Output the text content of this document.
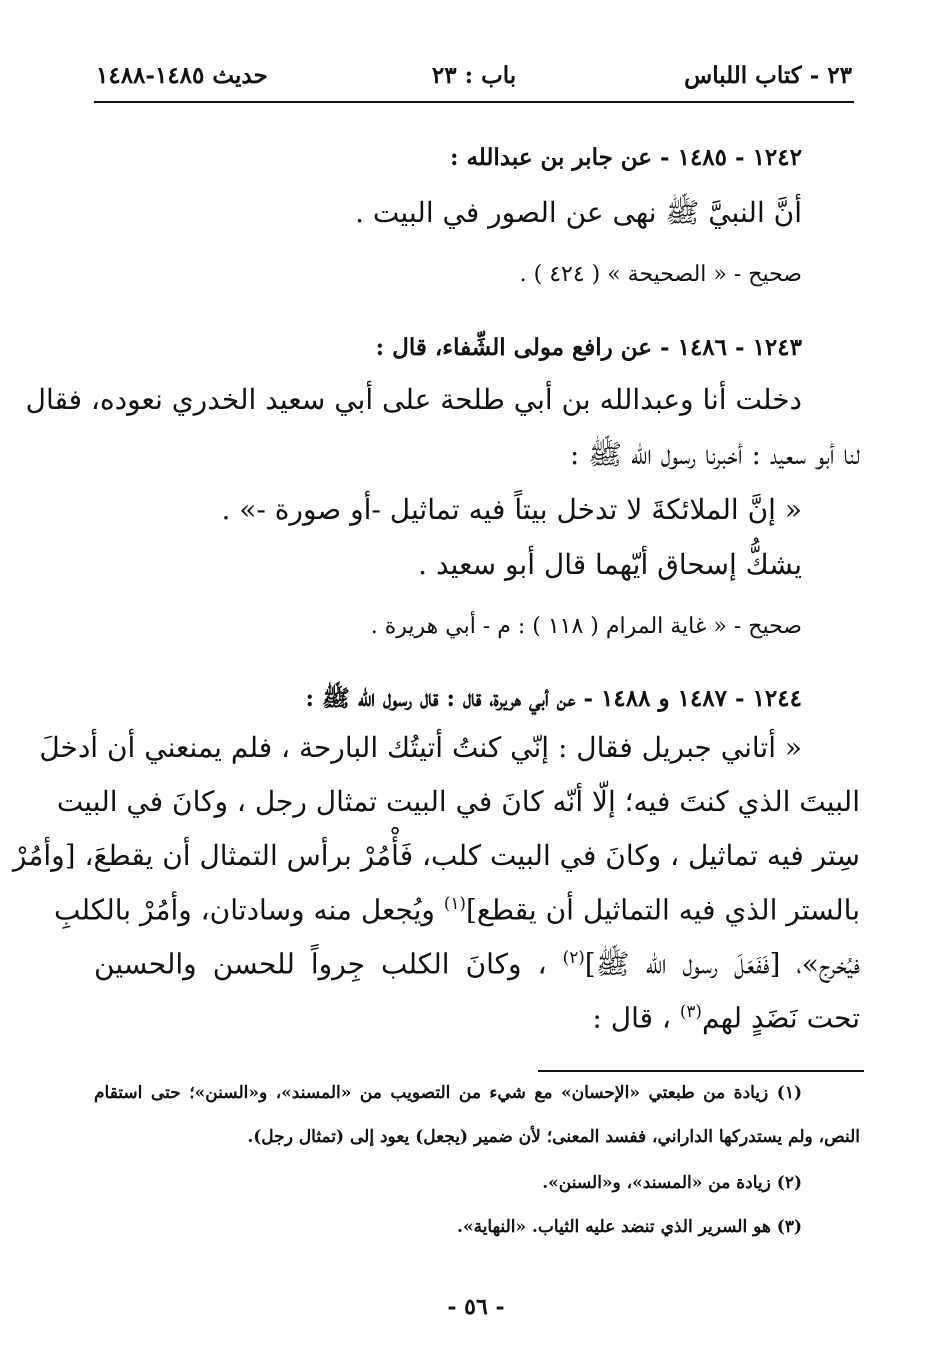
٢٣ - كتاب اللباس
باب : ٢٣
حديث ١٤٨٥-١٤٨٨
١٢٤٢ - ١٤٨٥ - عن جابر بن عبدالله :
أنَّ النبيَّ ﷺ نهى عن الصور في البيت .
صحيح - « الصحيحة » ( ٤٢٤ ) .
١٢٤٣ - ١٤٨٦ - عن رافع مولى الشِّفاء، قال :
دخلت أنا وعبدالله بن أبي طلحة على أبي سعيد الخدري نعوده، فقال
لنا أبو سعيد : أخبرنا رسول الله ﷺ :
« إنَّ الملائكةَ لا تدخل بيتاً فيه تماثيل -أو صورة -» .
يشكُّ إسحاق أيّهما قال أبو سعيد .
صحيح - « غاية المرام ( ١١٨ ) : م - أبي هريرة .
١٢٤٤ - ١٤٨٧ و ١٤٨٨ - عن أبي هريرة، قال : قال رسول الله ﷺ :
« أتاني جبريل فقال : إنّي كنتُ أتيتُك البارحة ، فلم يمنعني أن أدخلَ
البيتَ الذي كنتَ فيه؛ إلّا أنّه كانَ في البيت تمثال رجل ، وكانَ في البيت
سِتر فيه تماثيل ، وكانَ في البيت كلب، فَأْمُرْ برأس التمثال أن يقطعَ، [وأمُرْ
بالستر الذي فيه التماثيل أن يقطع]$^{(١)}$ ويُجعل منه وسادتان، وأمُرْ بالكلبِ
فيُخرج»، [فَفَعَلَ رسول الله ﷺ]$^{(٢)}$ ، وكانَ الكلب جِرواً للحسن والحسين
تحت نَضَدٍ لهم$^{(٣)}$ ، قال :
(١) زيادة من طبعتي «الإحسان» مع شيء من التصويب من «المسند»، و«السنن»؛ حتى استقام
النص، ولم يستدركها الداراني، ففسد المعنى؛ لأن ضمير (يجعل) يعود إلى (تمثال رجل).
(٢) زيادة من «المسند»، و«السنن».
(٣) هو السرير الذي تنضد عليه الثياب. «النهاية».
- ٥٦ -
